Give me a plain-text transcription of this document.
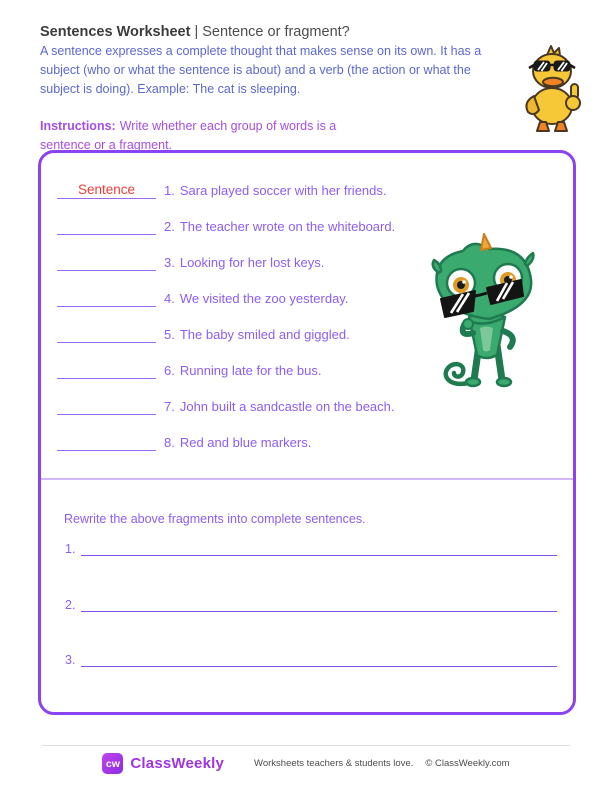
Sentences Worksheet | Sentence or fragment?
A sentence expresses a complete thought that makes sense on its own. It has a
subject (who or what the sentence is about) and a verb (the action or what the
subject is doing). Example: The cat is sleeping.

Instructions: Write whether each group of words is a
sentence or a fragment.

Sentence 1. Sara played soccer with her friends.
2. The teacher wrote on the whiteboard.
3. Looking for her lost keys.
4. We visited the zoo yesterday.
5. The baby smiled and giggled.
6. Running late for the bus.
7. John built a sandcastle on the beach.
8. Red and blue markers.

Rewrite the above fragments into complete sentences.

1.
2.
3.
cw ClassWeekly	Worksheets teachers & students love. © ClassWeekly.com
